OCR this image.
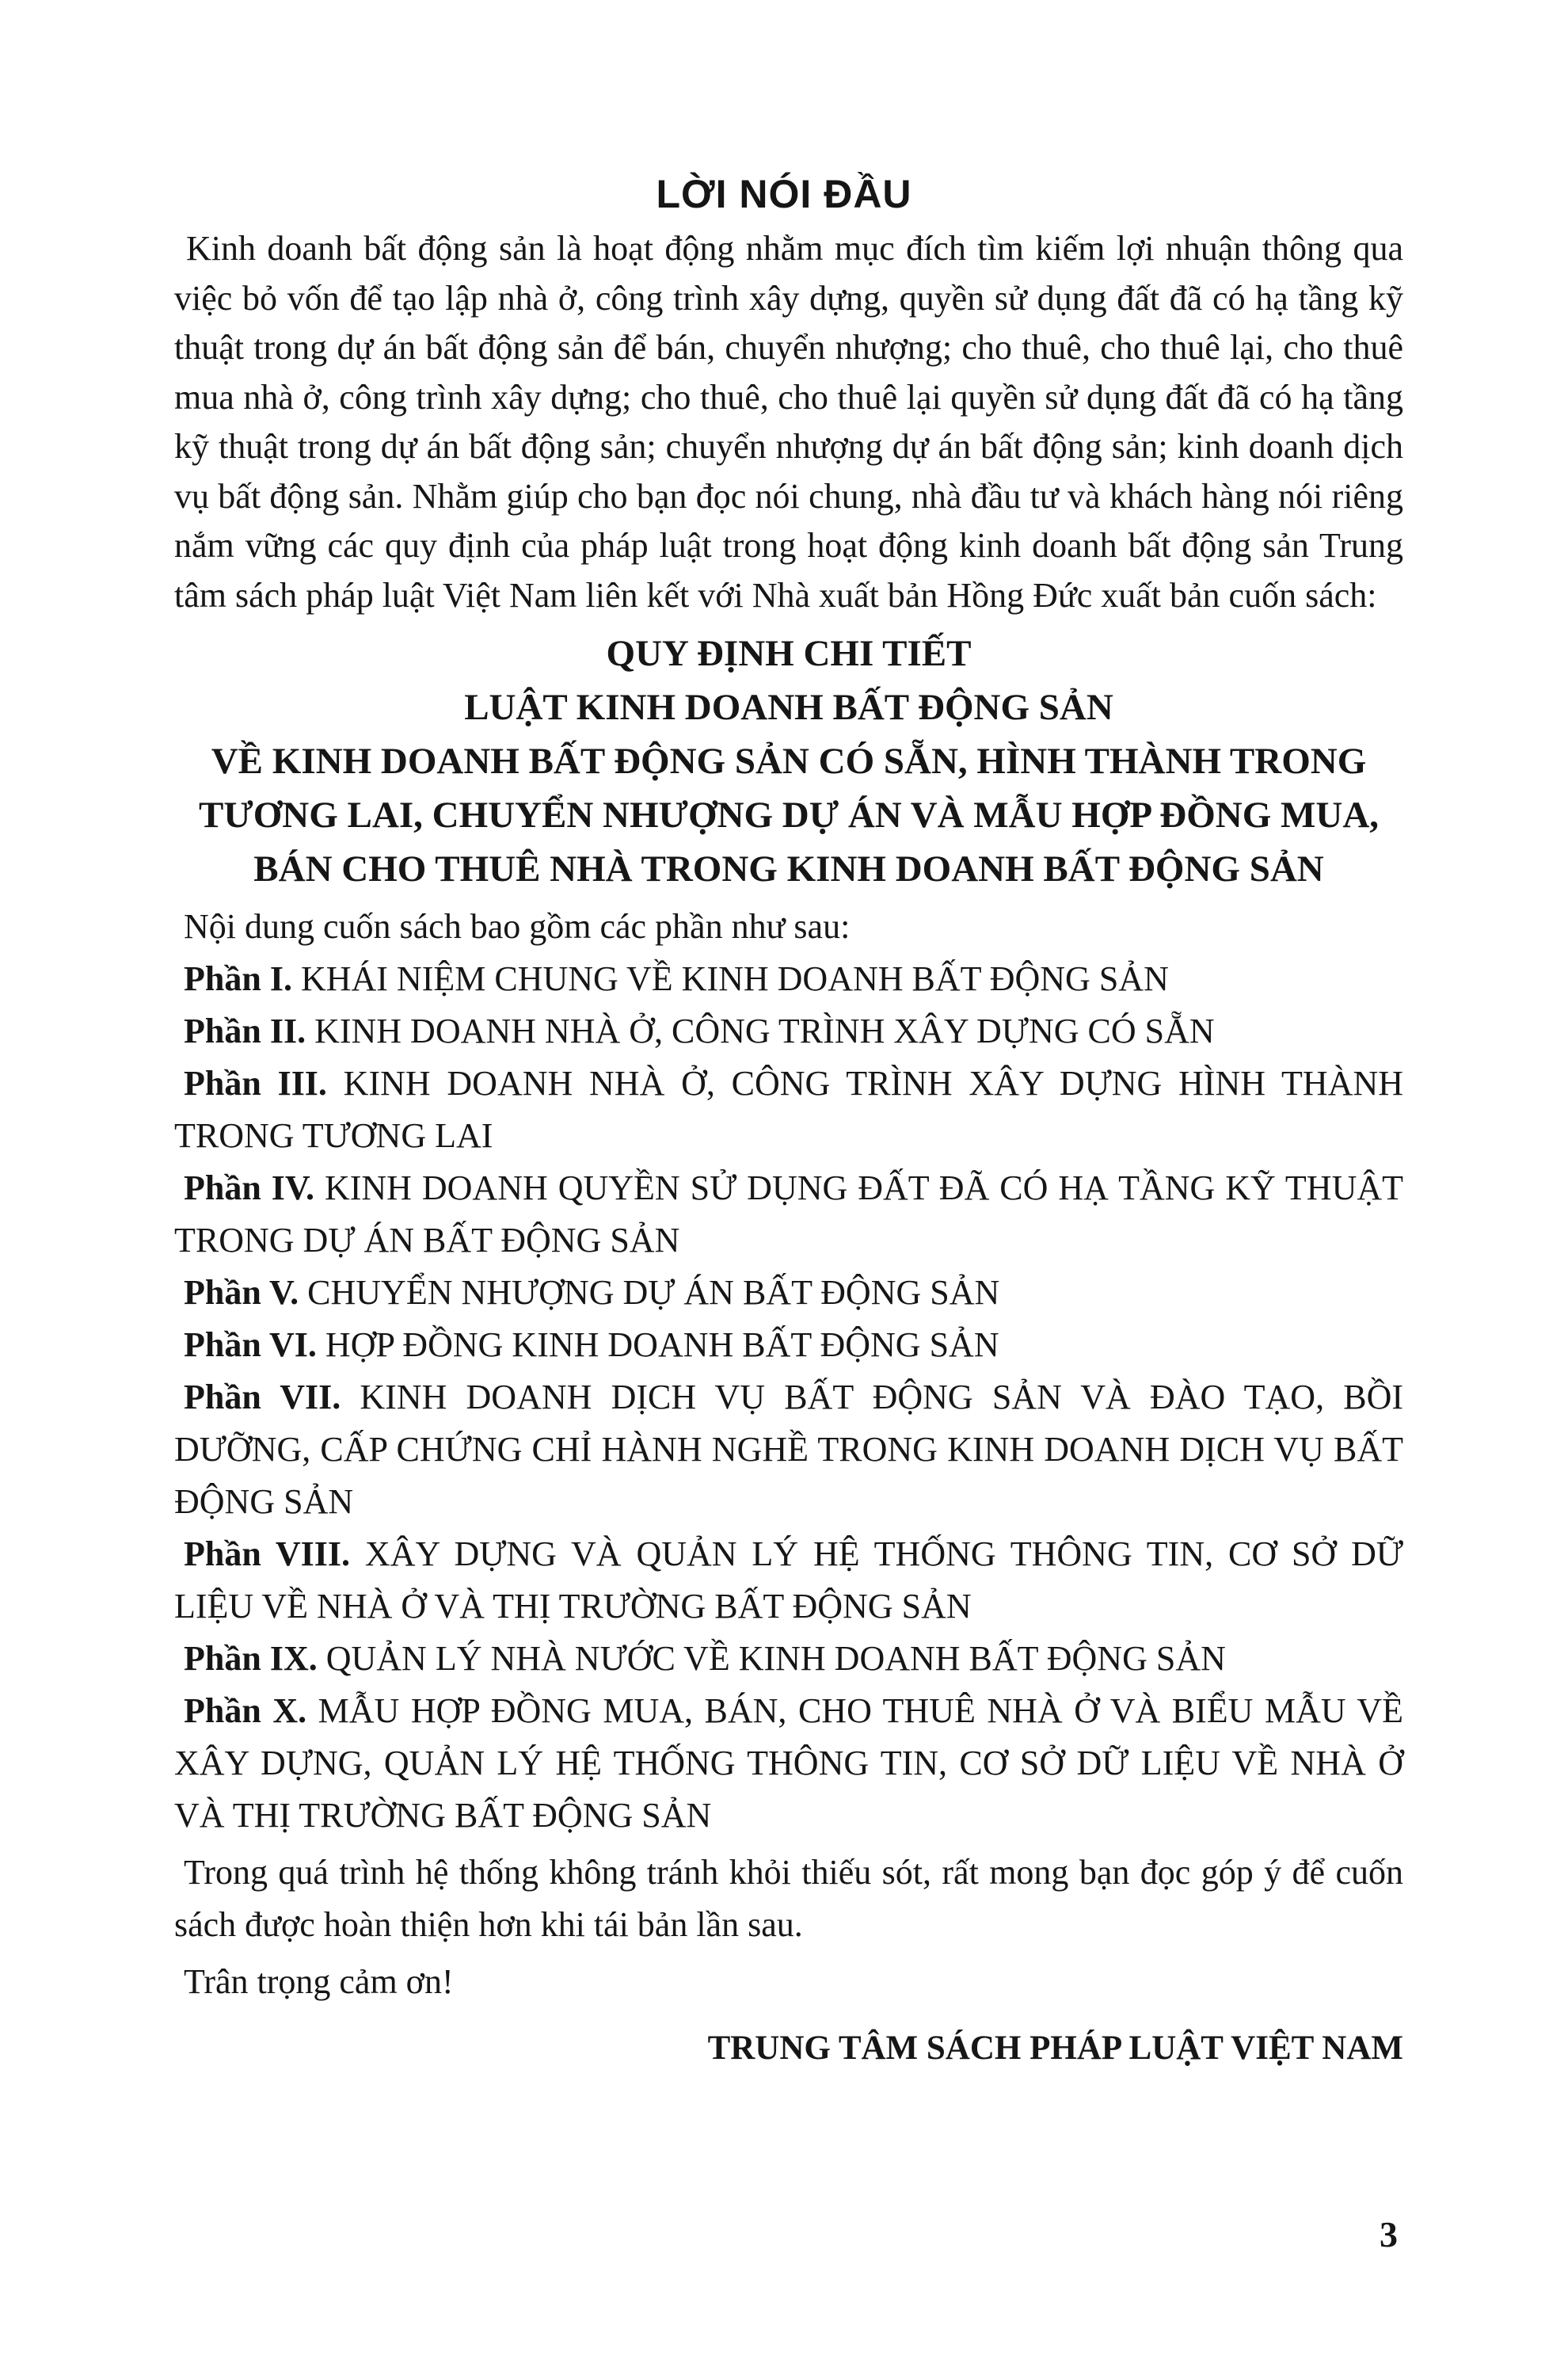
LỜI NÓI ĐẦU

Kinh doanh bất động sản là hoạt động nhằm mục đích tìm kiếm lợi nhuận thông qua việc bỏ vốn để tạo lập nhà ở, công trình xây dựng, quyền sử dụng đất đã có hạ tầng kỹ thuật trong dự án bất động sản để bán, chuyển nhượng; cho thuê, cho thuê lại, cho thuê mua nhà ở, công trình xây dựng; cho thuê, cho thuê lại quyền sử dụng đất đã có hạ tầng kỹ thuật trong dự án bất động sản; chuyển nhượng dự án bất động sản; kinh doanh dịch vụ bất động sản. Nhằm giúp cho bạn đọc nói chung, nhà đầu tư và khách hàng nói riêng nắm vững các quy định của pháp luật trong hoạt động kinh doanh bất động sản Trung tâm sách pháp luật Việt Nam liên kết với Nhà xuất bản Hồng Đức xuất bản cuốn sách:

QUY ĐỊNH CHI TIẾT
LUẬT KINH DOANH BẤT ĐỘNG SẢN
VỀ KINH DOANH BẤT ĐỘNG SẢN CÓ SẴN, HÌNH THÀNH TRONG
TƯƠNG LAI, CHUYỂN NHƯỢNG DỰ ÁN VÀ MẪU HỢP ĐỒNG MUA,
BÁN CHO THUÊ NHÀ TRONG KINH DOANH BẤT ĐỘNG SẢN

Nội dung cuốn sách bao gồm các phần như sau:

Phần I. KHÁI NIỆM CHUNG VỀ KINH DOANH BẤT ĐỘNG SẢN

Phần II. KINH DOANH NHÀ Ở, CÔNG TRÌNH XÂY DỰNG CÓ SẴN

Phần III. KINH DOANH NHÀ Ở, CÔNG TRÌNH XÂY DỰNG HÌNH THÀNH TRONG TƯƠNG LAI

Phần IV. KINH DOANH QUYỀN SỬ DỤNG ĐẤT ĐÃ CÓ HẠ TẦNG KỸ THUẬT TRONG DỰ ÁN BẤT ĐỘNG SẢN

Phần V. CHUYỂN NHƯỢNG DỰ ÁN BẤT ĐỘNG SẢN

Phần VI. HỢP ĐỒNG KINH DOANH BẤT ĐỘNG SẢN

Phần VII. KINH DOANH DỊCH VỤ BẤT ĐỘNG SẢN VÀ ĐÀO TẠO, BỒI DƯỠNG, CẤP CHỨNG CHỈ HÀNH NGHỀ TRONG KINH DOANH DỊCH VỤ BẤT ĐỘNG SẢN

Phần VIII. XÂY DỰNG VÀ QUẢN LÝ HỆ THỐNG THÔNG TIN, CƠ SỞ DỮ LIỆU VỀ NHÀ Ở VÀ THỊ TRƯỜNG BẤT ĐỘNG SẢN

Phần IX. QUẢN LÝ NHÀ NƯỚC VỀ KINH DOANH BẤT ĐỘNG SẢN

Phần X. MẪU HỢP ĐỒNG MUA, BÁN, CHO THUÊ NHÀ Ở VÀ BIỂU MẪU VỀ XÂY DỰNG, QUẢN LÝ HỆ THỐNG THÔNG TIN, CƠ SỞ DỮ LIỆU VỀ NHÀ Ở VÀ THỊ TRƯỜNG BẤT ĐỘNG SẢN

Trong quá trình hệ thống không tránh khỏi thiếu sót, rất mong bạn đọc góp ý để cuốn sách được hoàn thiện hơn khi tái bản lần sau.

Trân trọng cảm ơn!

TRUNG TÂM SÁCH PHÁP LUẬT VIỆT NAM

3
